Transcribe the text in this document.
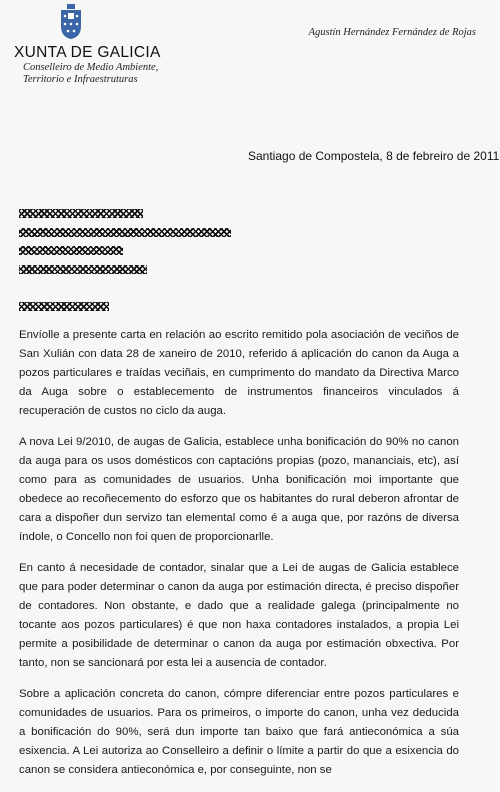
XUNTA DE GALICIA
Conselleiro de Medio Ambiente,
Territorio e Infraestruturas
Agustín Hernández Fernández de Rojas
Santiago de Compostela, 8 de febreiro de 2011

Envíolle a presente carta en relación ao escrito remitido pola asociación de veciños de San Xulián con data 28 de xaneiro de 2010, referido á aplicación do canon da Auga a pozos particulares e traídas veciñais, en cumprimento do mandato da Directiva Marco da Auga sobre o establecemento de instrumentos financeiros vinculados á recuperación de custos no ciclo da auga.

A nova Lei 9/2010, de augas de Galicia, establece unha bonificación do 90% no canon da auga para os usos domésticos con captacións propias (pozo, mananciais, etc), así como para as comunidades de usuarios. Unha bonificación moi importante que obedece ao recoñecemento do esforzo que os habitantes do rural deberon afrontar de cara a dispoñer dun servizo tan elemental como é a auga que, por razóns de diversa índole, o Concello non foi quen de proporcionarlle.

En canto á necesidade de contador, sinalar que a Lei de augas de Galicia establece que para poder determinar o canon da auga por estimación directa, é preciso dispoñer de contadores. Non obstante, e dado que a realidade galega (principalmente no tocante aos pozos particulares) é que non haxa contadores instalados, a propia Lei permite a posibilidade de determinar o canon da auga por estimación obxectiva. Por tanto, non se sancionará por esta lei a ausencia de contador.

Sobre a aplicación concreta do canon, cómpre diferenciar entre pozos particulares e comunidades de usuarios. Para os primeiros, o importe do canon, unha vez deducida a bonificación do 90%, será dun importe tan baixo que fará antieconómica a súa esixencia. A Lei autoriza ao Conselleiro a definir o límite a partir do que a esixencia do canon se considera antieconómica e, por conseguinte, non se
